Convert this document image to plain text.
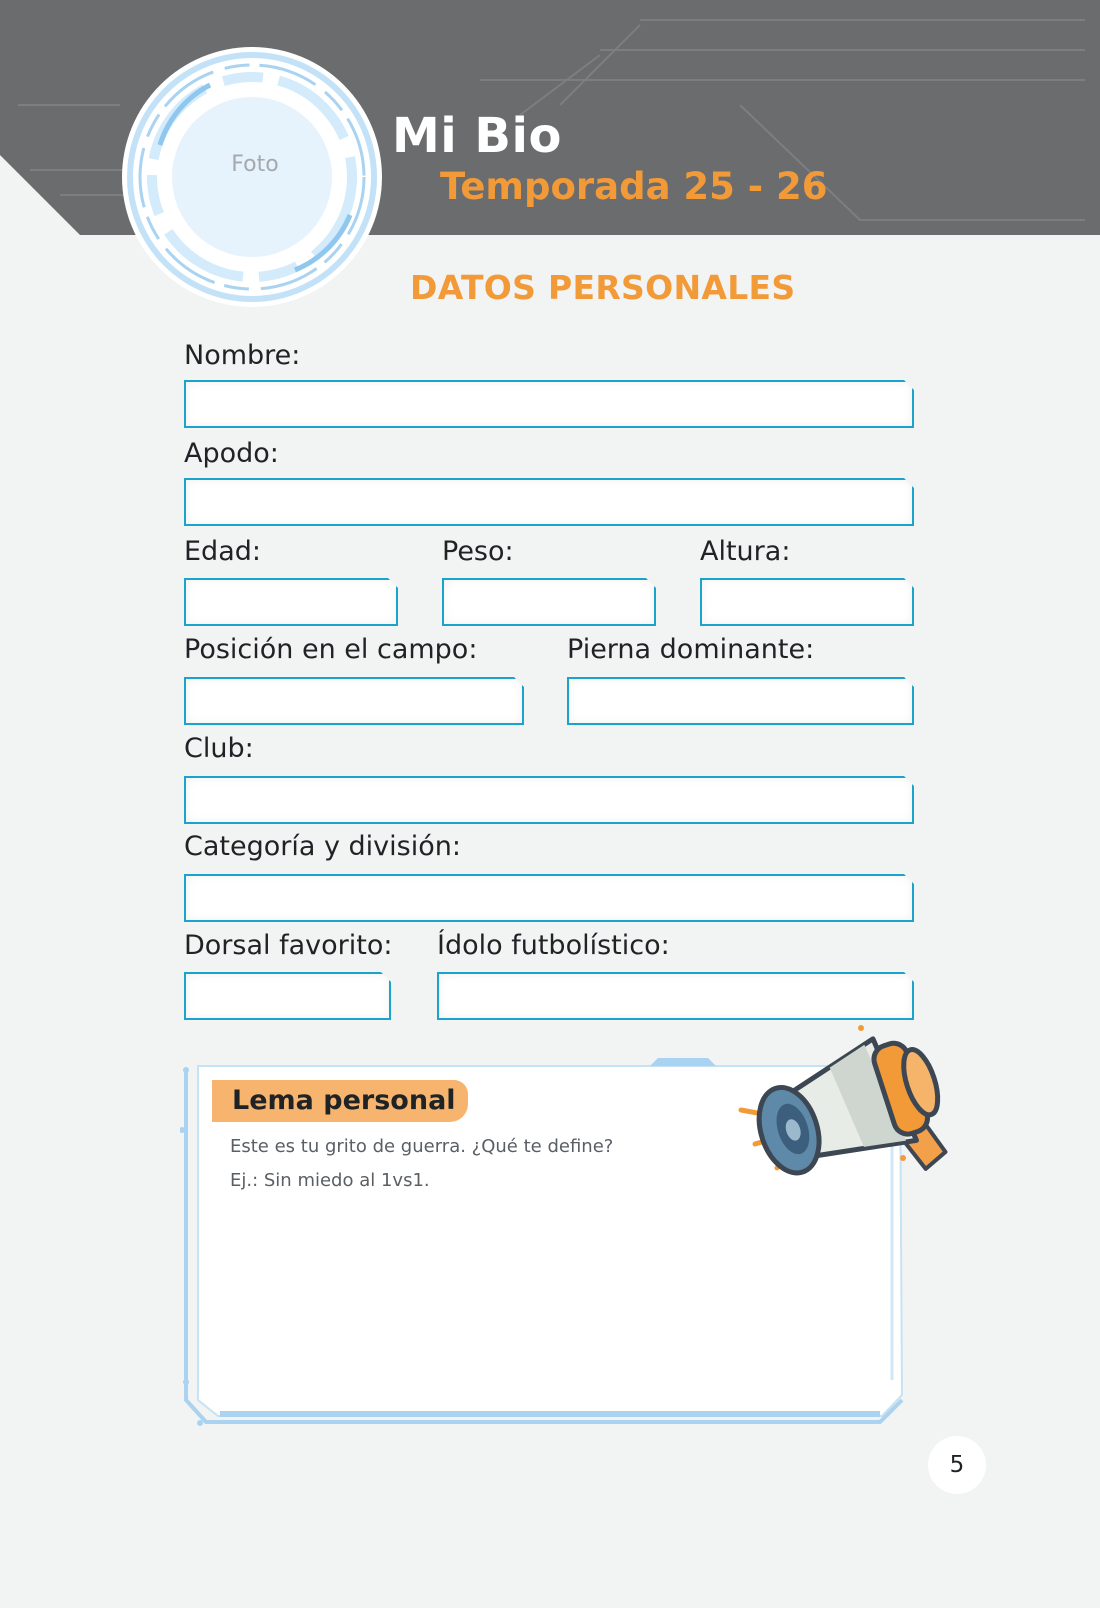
Foto
Mi Bio
Temporada 25 - 26
DATOS PERSONALES
Nombre:
Apodo:
Edad:	Peso:	Altura:
Posición en el campo:	Pierna dominante:
Club:
Categoría y división:
Dorsal favorito: Ídolo futbolístico:
Lema personal
Este es tu grito de guerra. ¿Qué te define?
Ej.: Sin miedo al 1vs1.
5
